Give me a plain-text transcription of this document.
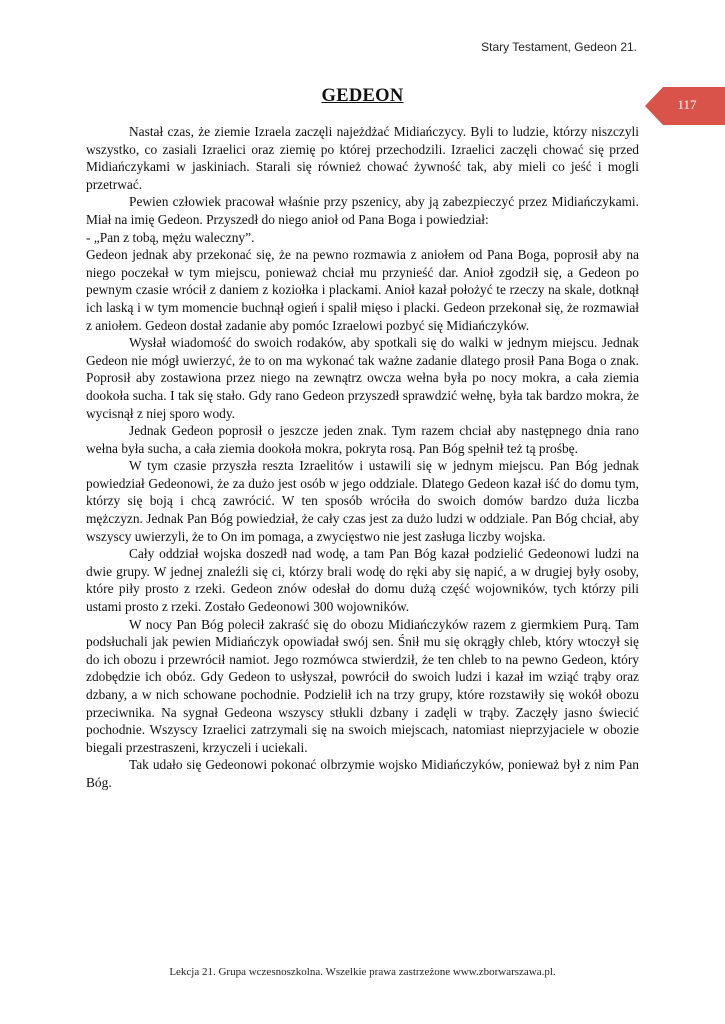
Stary Testament, Gedeon 21.
117
GEDEON

Nastał czas, że ziemie Izraela zaczęli najeżdżać Midiańczycy. Byli to ludzie, którzy niszczyli wszystko, co zasiali Izraelici oraz ziemię po której przechodzili. Izraelici zaczęli chować się przed Midiańczykami w jaskiniach. Starali się również chować żywność tak, aby mieli co jeść i mogli przetrwać.

Pewien człowiek pracował właśnie przy pszenicy, aby ją zabezpieczyć przez Midiańczykami. Miał na imię Gedeon. Przyszedł do niego anioł od Pana Boga i powiedział:

- „Pan z tobą, mężu waleczny”.

Gedeon jednak aby przekonać się, że na pewno rozmawia z aniołem od Pana Boga, poprosił aby na niego poczekał w tym miejscu, ponieważ chciał mu przynieść dar. Anioł zgodził się, a Gedeon po pewnym czasie wrócił z daniem z koziołka i plackami. Anioł kazał położyć te rzeczy na skale, dotknął ich laską i w tym momencie buchnął ogień i spalił mięso i placki. Gedeon przekonał się, że rozmawiał z aniołem. Gedeon dostał zadanie aby pomóc Izraelowi pozbyć się Midiańczyków.

Wysłał wiadomość do swoich rodaków, aby spotkali się do walki w jednym miejscu. Jednak Gedeon nie mógł uwierzyć, że to on ma wykonać tak ważne zadanie dlatego prosił Pana Boga o znak. Poprosił aby zostawiona przez niego na zewnątrz owcza wełna była po nocy mokra, a cała ziemia dookoła sucha. I tak się stało. Gdy rano Gedeon przyszedł sprawdzić wełnę, była tak bardzo mokra, że wycisnął z niej sporo wody.

Jednak Gedeon poprosił o jeszcze jeden znak. Tym razem chciał aby następnego dnia rano wełna była sucha, a cała ziemia dookoła mokra, pokryta rosą. Pan Bóg spełnił też tą prośbę.

W tym czasie przyszła reszta Izraelitów i ustawili się w jednym miejscu. Pan Bóg jednak powiedział Gedeonowi, że za dużo jest osób w jego oddziale. Dlatego Gedeon kazał iść do domu tym, którzy się boją i chcą zawrócić. W ten sposób wróciła do swoich domów bardzo duża liczba mężczyzn. Jednak Pan Bóg powiedział, że cały czas jest za dużo ludzi w oddziale. Pan Bóg chciał, aby wszyscy uwierzyli, że to On im pomaga, a zwycięstwo nie jest zasługa liczby wojska.

Cały oddział wojska doszedł nad wodę, a tam Pan Bóg kazał podzielić Gedeonowi ludzi na dwie grupy. W jednej znaleźli się ci, którzy brali wodę do ręki aby się napić, a w drugiej były osoby, które piły prosto z rzeki. Gedeon znów odesłał do domu dużą część wojowników, tych którzy pili ustami prosto z rzeki. Zostało Gedeonowi 300 wojowników.

W nocy Pan Bóg polecił zakraść się do obozu Midiańczyków razem z giermkiem Purą. Tam podsłuchali jak pewien Midiańczyk opowiadał swój sen. Śnił mu się okrągły chleb, który wtoczył się do ich obozu i przewrócił namiot. Jego rozmówca stwierdził, że ten chleb to na pewno Gedeon, który zdobędzie ich obóz. Gdy Gedeon to usłyszał, powrócił do swoich ludzi i kazał im wziąć trąby oraz dzbany, a w nich schowane pochodnie. Podzielił ich na trzy grupy, które rozstawiły się wokół obozu przeciwnika. Na sygnał Gedeona wszyscy stłukli dzbany i zadęli w trąby. Zaczęły jasno świecić pochodnie. Wszyscy Izraelici zatrzymali się na swoich miejscach, natomiast nieprzyjaciele w obozie biegali przestraszeni, krzyczeli i uciekali.

Tak udało się Gedeonowi pokonać olbrzymie wojsko Midiańczyków, ponieważ był z nim Pan Bóg.

Lekcja 21. Grupa wczesnoszkolna. Wszelkie prawa zastrzeżone www.zborwarszawa.pl.
